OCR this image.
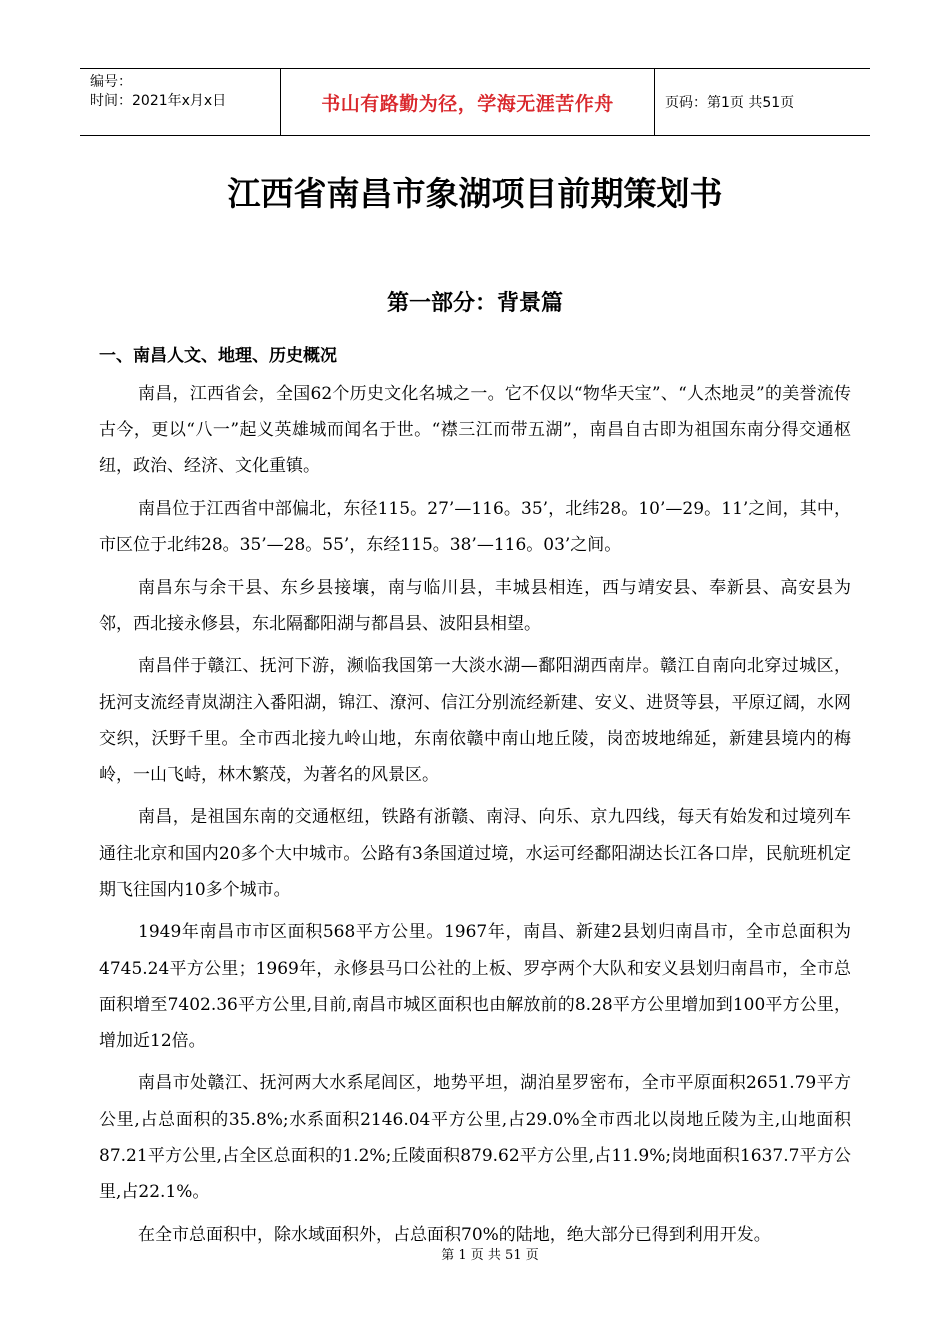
编号：
时间：2021年x月x日	书山有路勤为径，学海无涯苦作舟	页码：第1页 共51页
江西省南昌市象湖项目前期策划书
第一部分：背景篇
一、南昌人文、地理、历史概况

南昌，江西省会，全国62个历史文化名城之一。它不仅以“物华天宝”、“人杰地灵”的美誉流传古今，更以“八一”起义英雄城而闻名于世。“襟三江而带五湖”，南昌自古即为祖国东南分得交通枢纽，政治、经济、文化重镇。

南昌位于江西省中部偏北，东径115。27’—116。35’，北纬28。10’—29。11’之间，其中，市区位于北纬28。35’—28。55’，东经115。38’—116。03’之间。

南昌东与余干县、东乡县接壤，南与临川县，丰城县相连，西与靖安县、奉新县、高安县为邻，西北接永修县，东北隔鄱阳湖与都昌县、波阳县相望。

南昌伴于赣江、抚河下游，濒临我国第一大淡水湖—鄱阳湖西南岸。赣江自南向北穿过城区，抚河支流经青岚湖注入番阳湖，锦江、潦河、信江分别流经新建、安义、进贤等县，平原辽阔，水网交织，沃野千里。全市西北接九岭山地，东南依赣中南山地丘陵，岗峦坡地绵延，新建县境内的梅岭，一山飞峙，林木繁茂，为著名的风景区。

南昌，是祖国东南的交通枢纽，铁路有浙赣、南浔、向乐、京九四线，每天有始发和过境列车通往北京和国内20多个大中城市。公路有3条国道过境，水运可经鄱阳湖达长江各口岸，民航班机定期飞往国内10多个城市。

1949年南昌市市区面积568平方公里。1967年，南昌、新建2县划归南昌市，全市总面积为4745.24平方公里；1969年，永修县马口公社的上板、罗亭两个大队和安义县划归南昌市，全市总面积增至7402.36平方公里,目前,南昌市城区面积也由解放前的8.28平方公里增加到100平方公里，增加近12倍。

南昌市处赣江、抚河两大水系尾闾区，地势平坦，湖泊星罗密布，全市平原面积2651.79平方公里,占总面积的35.8%;水系面积2146.04平方公里,占29.0%全市西北以岗地丘陵为主,山地面积87.21平方公里,占全区总面积的1.2%;丘陵面积879.62平方公里,占11.9%;岗地面积1637.7平方公里,占22.1%。

在全市总面积中，除水域面积外，占总面积70%的陆地，绝大部分已得到利用开发。

第 1 页 共 51 页
